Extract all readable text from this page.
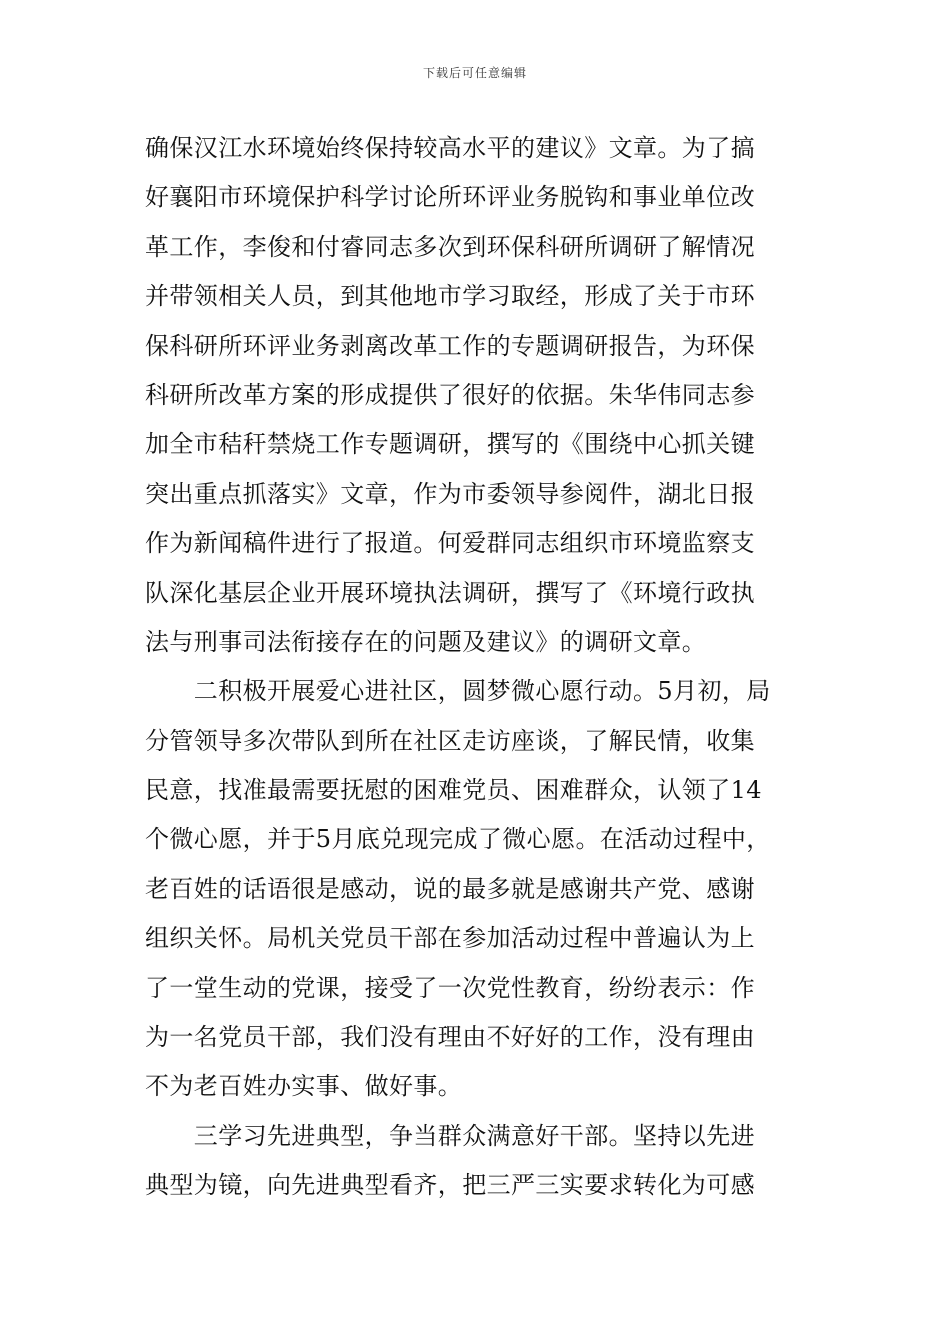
下载后可任意编辑
确保汉江水环境始终保持较高水平的建议》文章。为了搞
好襄阳市环境保护科学讨论所环评业务脱钩和事业单位改
革工作，李俊和付睿同志多次到环保科研所调研了解情况
并带领相关人员，到其他地市学习取经，形成了关于市环
保科研所环评业务剥离改革工作的专题调研报告，为环保
科研所改革方案的形成提供了很好的依据。朱华伟同志参
加全市秸秆禁烧工作专题调研，撰写的《围绕中心抓关键
突出重点抓落实》文章，作为市委领导参阅件，湖北日报
作为新闻稿件进行了报道。何爱群同志组织市环境监察支
队深化基层企业开展环境执法调研，撰写了《环境行政执
法与刑事司法衔接存在的问题及建议》的调研文章。
　　二积极开展爱心进社区，圆梦微心愿行动。5月初，局
分管领导多次带队到所在社区走访座谈，了解民情，收集
民意，找准最需要抚慰的困难党员、困难群众，认领了14
个微心愿，并于5月底兑现完成了微心愿。在活动过程中，
老百姓的话语很是感动，说的最多就是感谢共产党、感谢
组织关怀。局机关党员干部在参加活动过程中普遍认为上
了一堂生动的党课，接受了一次党性教育，纷纷表示：作
为一名党员干部，我们没有理由不好好的工作，没有理由
不为老百姓办实事、做好事。
　　三学习先进典型，争当群众满意好干部。坚持以先进
典型为镜，向先进典型看齐，把三严三实要求转化为可感
